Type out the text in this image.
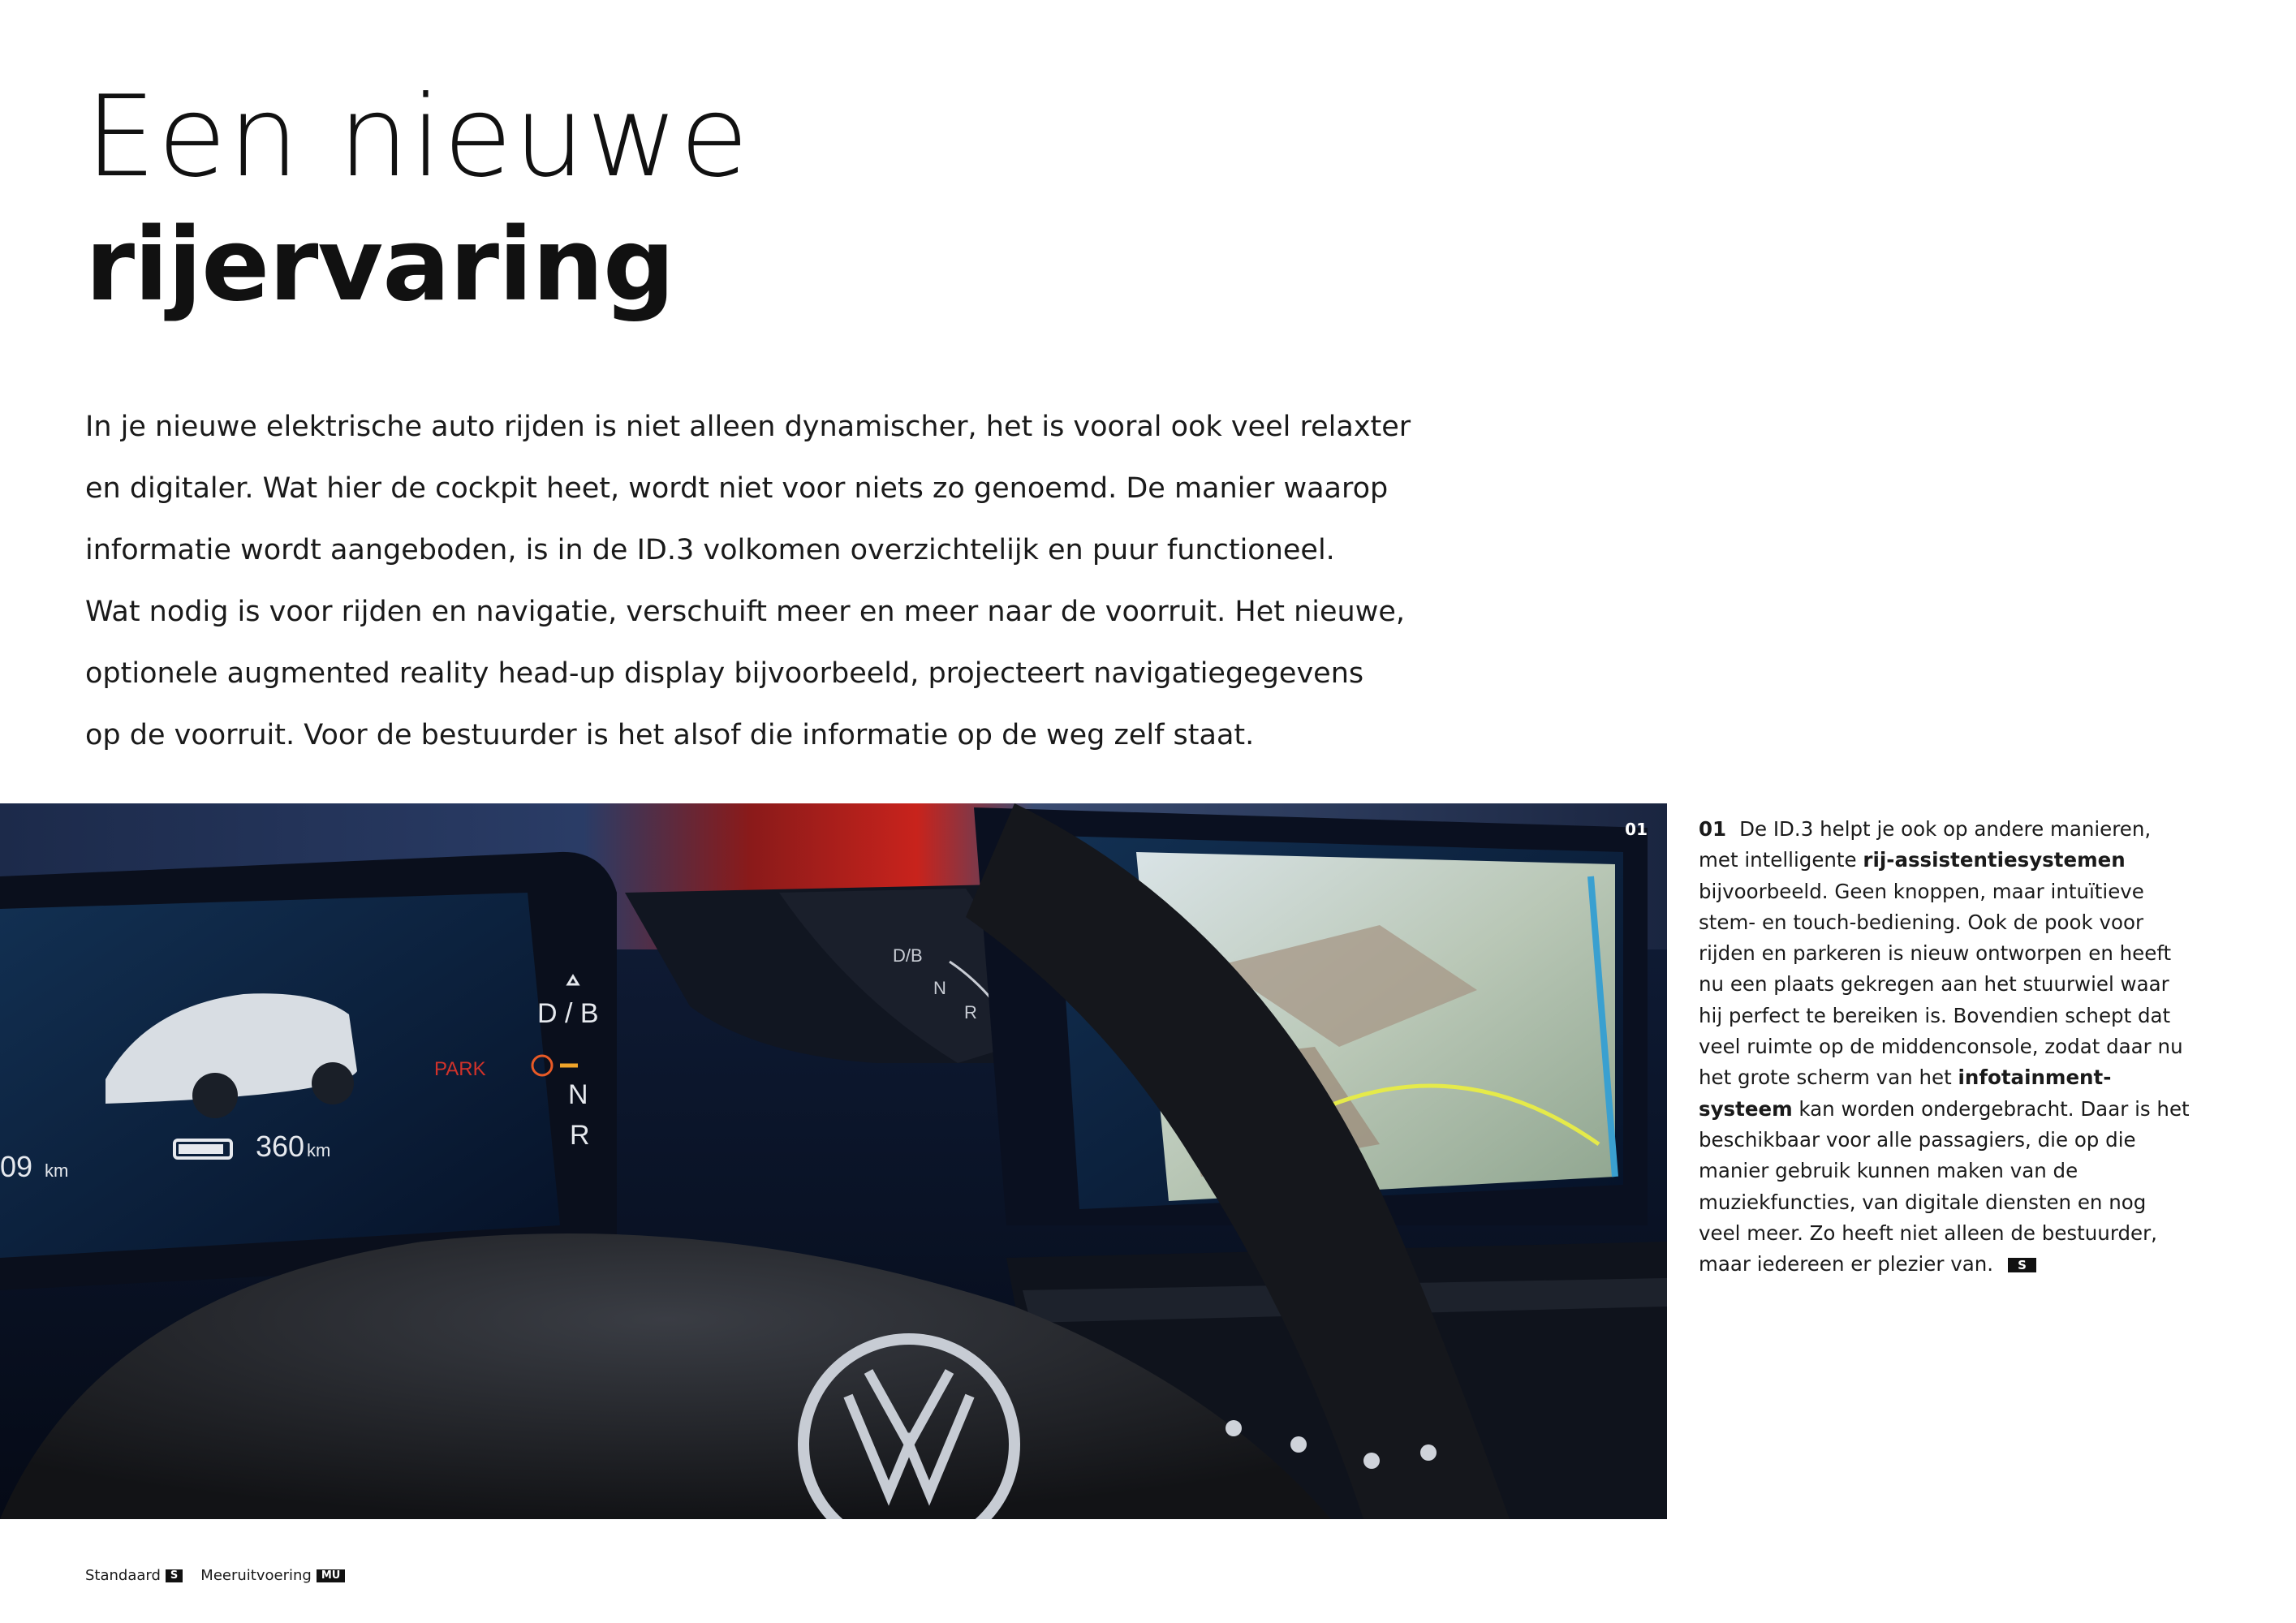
Een nieuwe
rijervaring
In je nieuwe elektrische auto rijden is niet alleen dynamischer, het is vooral ook veel relaxter
en digitaler. Wat hier de cockpit heet, wordt niet voor niets zo genoemd. De manier waarop
informatie wordt aangeboden, is in de ID.3 volkomen overzichtelijk en puur functioneel.
Wat nodig is voor rijden en navigatie, verschuift meer en meer naar de voorruit. Het nieuwe,
optionele augmented reality head-up display bijvoorbeeld, projecteert navigatiegegevens
op de voorruit. Voor de bestuurder is het alsof die informatie op de weg zelf staat.
360 km
09 km
PARK
D / B
N
R
D/B
N
R
01	01 De ID.3 helpt je ook op andere manieren, met intelligente rij-assistentiesystemen bijvoorbeeld. Geen knoppen, maar intuïtieve stem- en touch-bediening. Ook de pook voor rijden en parkeren is nieuw ontworpen en heeft nu een plaats gekregen aan het stuurwiel waar hij perfect te bereiken is. Bovendien schept dat veel ruimte op de middenconsole, zodat daar nu het grote scherm van het infotainment-systeem kan worden ondergebracht. Daar is het beschikbaar voor alle passagiers, die op die manier gebruik kunnen maken van de muziekfuncties, van digitale diensten en nog veel meer. Zo heeft niet alleen de bestuurder, maar iedereen er plezier van. S
Standaard S	Meeruitvoering MU
